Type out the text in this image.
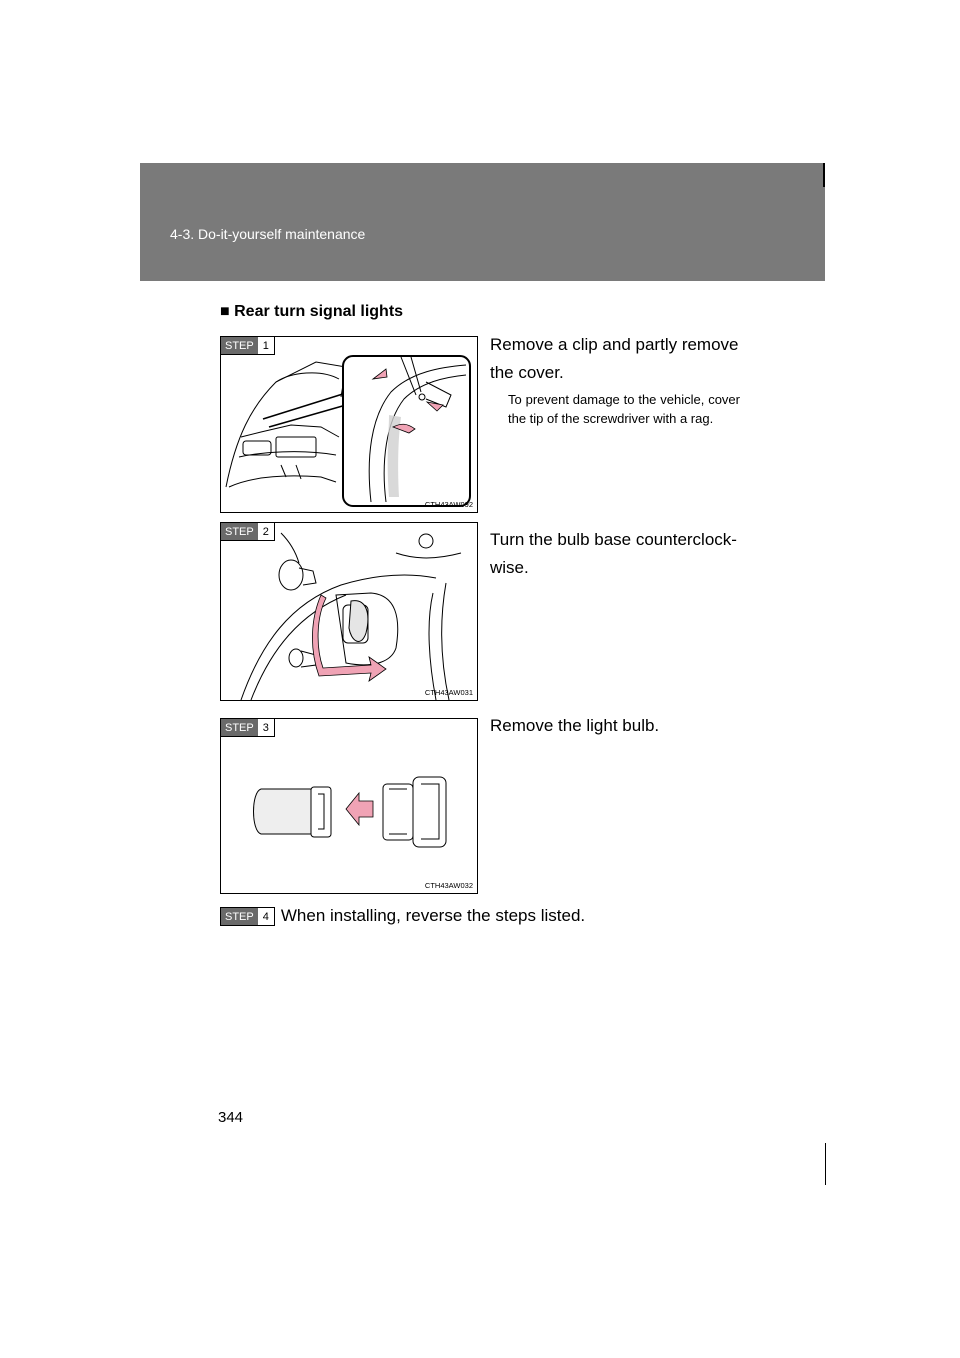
4-3. Do-it-yourself maintenance
■ Rear turn signal lights
STEP 1
CTH43AW092
Remove a clip and partly remove the cover.
To prevent damage to the vehicle, cover the tip of the screwdriver with a rag.
STEP 2
CTH43AW031
Turn the bulb base counterclock-wise.
STEP 3
CTH43AW032
Remove the light bulb.
STEP 4 When installing, reverse the steps listed.
344
